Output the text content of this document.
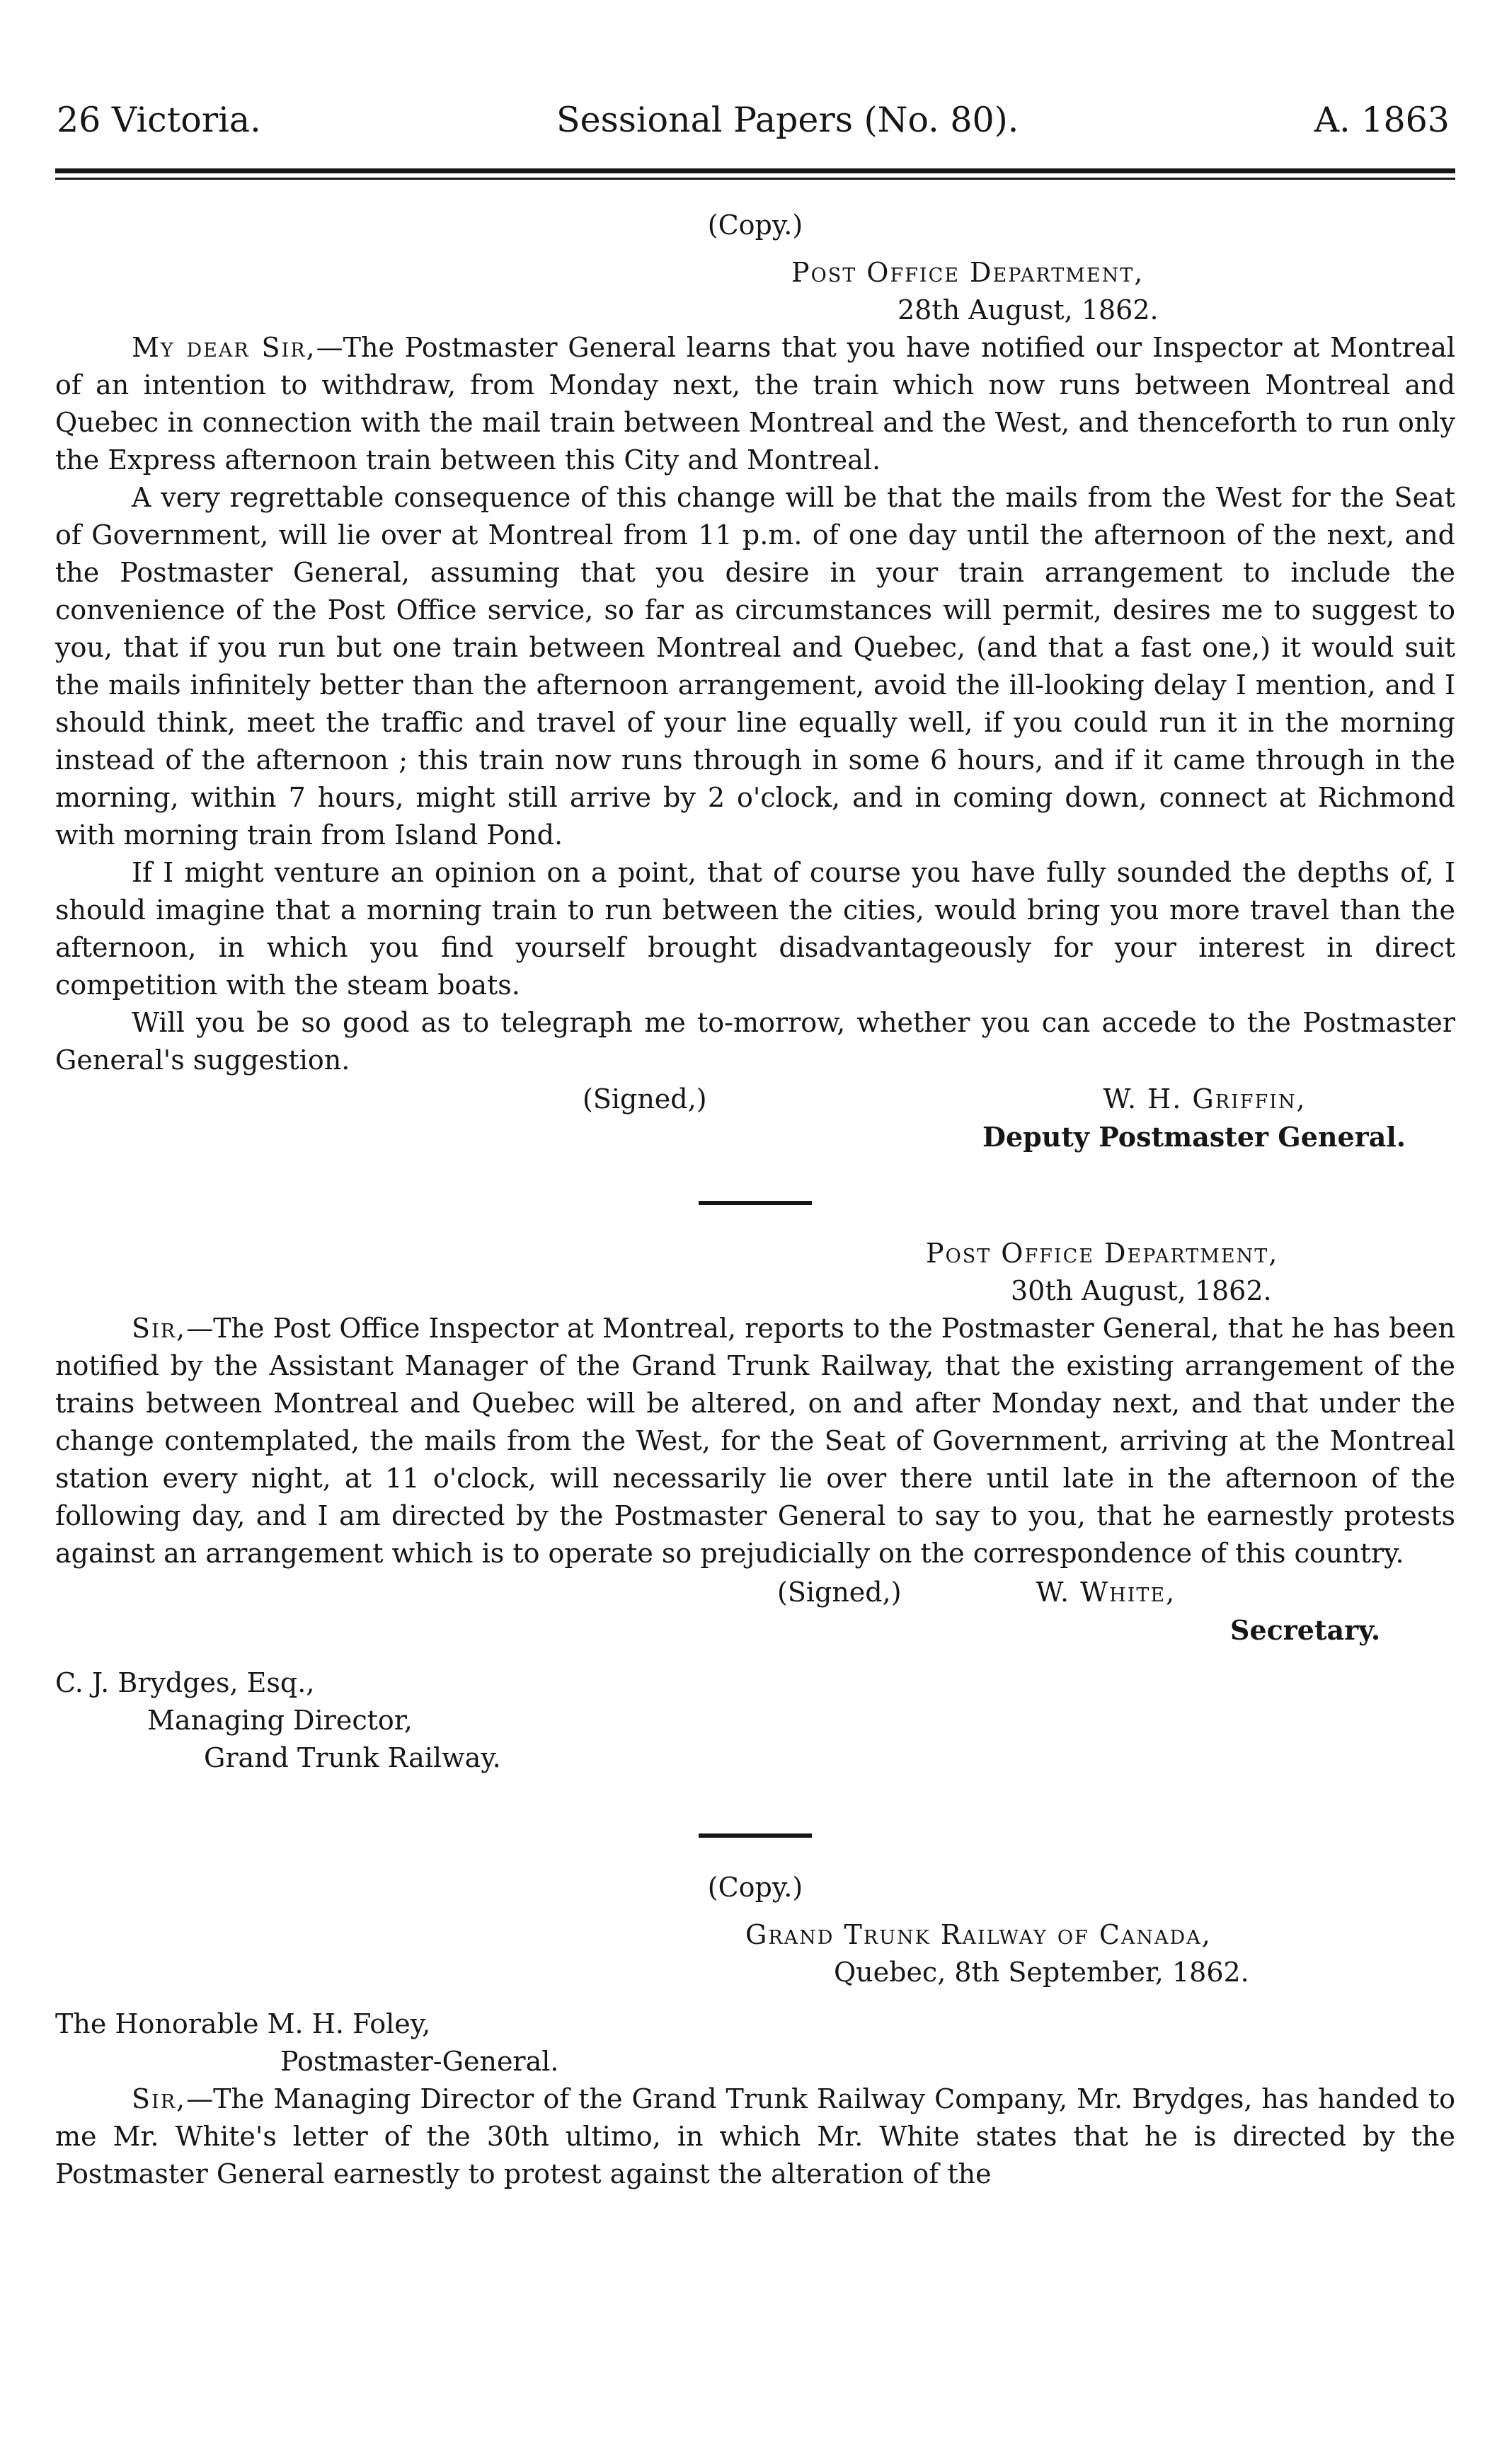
26 Victoria.	Sessional Papers (No. 80).	A. 1863
(Copy.)
Post Office Department,
28th August, 1862.

My dear Sir,—The Postmaster General learns that you have notified our Inspector at Montreal of an intention to withdraw, from Monday next, the train which now runs between Montreal and Quebec in connection with the mail train between Montreal and the West, and thenceforth to run only the Express afternoon train between this City and Montreal.

A very regrettable consequence of this change will be that the mails from the West for the Seat of Government, will lie over at Montreal from 11 p.m. of one day until the afternoon of the next, and the Postmaster General, assuming that you desire in your train arrangement to include the convenience of the Post Office service, so far as circumstances will permit, desires me to suggest to you, that if you run but one train between Montreal and Quebec, (and that a fast one,) it would suit the mails infinitely better than the afternoon arrangement, avoid the ill-looking delay I mention, and I should think, meet the traffic and travel of your line equally well, if you could run it in the morning instead of the afternoon ; this train now runs through in some 6 hours, and if it came through in the morning, within 7 hours, might still arrive by 2 o'clock, and in coming down, connect at Richmond with morning train from Island Pond.

If I might venture an opinion on a point, that of course you have fully sounded the depths of, I should imagine that a morning train to run between the cities, would bring you more travel than the afternoon, in which you find yourself brought disadvantageously for your interest in direct competition with the steam boats.

Will you be so good as to telegraph me to-morrow, whether you can accede to the Postmaster General's suggestion.

(Signed,)	W. H. Griffin,
Deputy Postmaster General.
Post Office Department,
30th August, 1862.

Sir,—The Post Office Inspector at Montreal, reports to the Postmaster General, that he has been notified by the Assistant Manager of the Grand Trunk Railway, that the existing arrangement of the trains between Montreal and Quebec will be altered, on and after Monday next, and that under the change contemplated, the mails from the West, for the Seat of Government, arriving at the Montreal station every night, at 11 o'clock, will necessarily lie over there until late in the afternoon of the following day, and I am directed by the Postmaster General to say to you, that he earnestly protests against an arrangement which is to operate so prejudicially on the correspondence of this country.

(Signed,)	W. White,
Secretary.
C. J. Brydges, Esq.,
Managing Director,
Grand Trunk Railway.
(Copy.)
Grand Trunk Railway of Canada,
Quebec, 8th September, 1862.
The Honorable M. H. Foley,
Postmaster-General.

Sir,—The Managing Director of the Grand Trunk Railway Company, Mr. Brydges, has handed to me Mr. White's letter of the 30th ultimo, in which Mr. White states that he is directed by the Postmaster General earnestly to protest against the alteration of the
